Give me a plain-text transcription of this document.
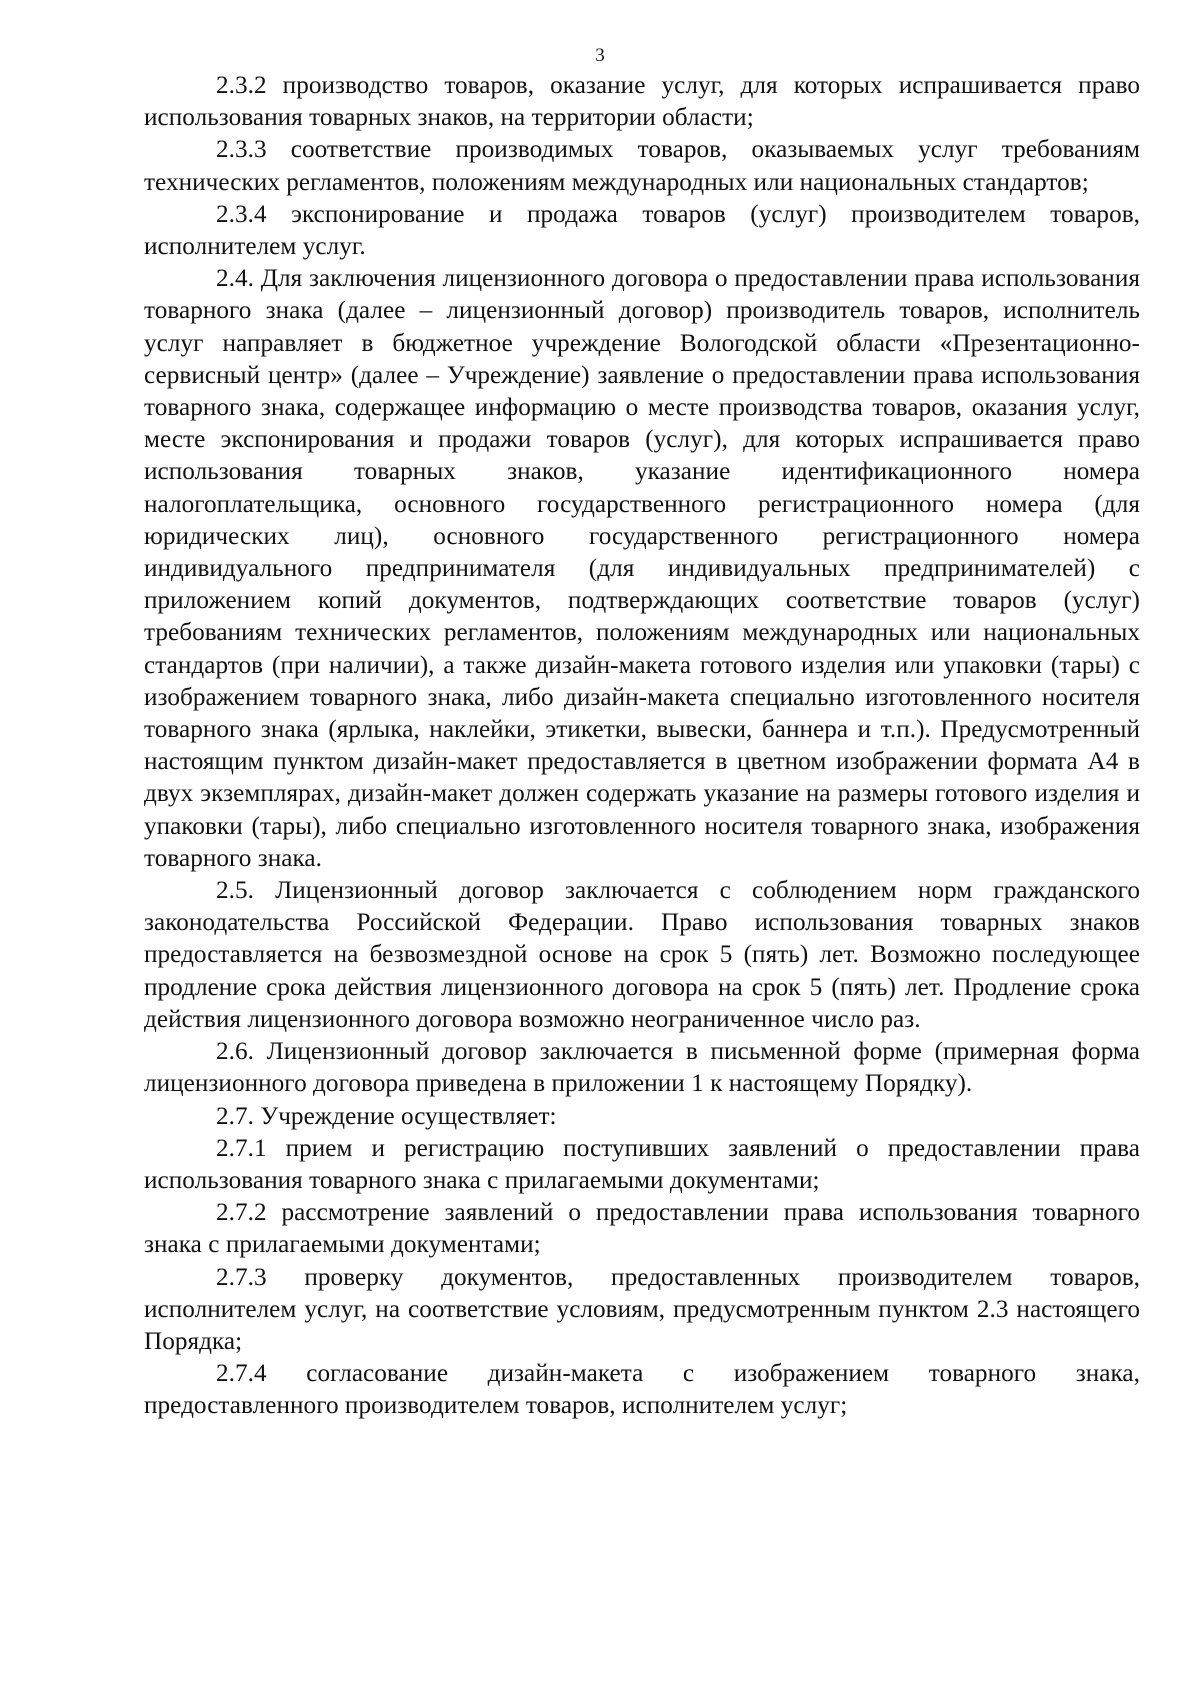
3

2.3.2 производство товаров, оказание услуг, для которых испрашивается право использования товарных знаков, на территории области;

2.3.3 соответствие производимых товаров, оказываемых услуг требованиям технических регламентов, положениям международных или национальных стандартов;

2.3.4 экспонирование и продажа товаров (услуг) производителем товаров, исполнителем услуг.

2.4. Для заключения лицензионного договора о предоставлении права использования товарного знака (далее – лицензионный договор) производитель товаров, исполнитель услуг направляет в бюджетное учреждение Вологодской области «Презентационно-сервисный центр» (далее – Учреждение) заявление о предоставлении права использования товарного знака, содержащее информацию о месте производства товаров, оказания услуг, месте экспонирования и продажи товаров (услуг), для которых испрашивается право использования товарных знаков, указание идентификационного номера налогоплательщика, основного государственного регистрационного номера (для юридических лиц), основного государственного регистрационного номера индивидуального предпринимателя (для индивидуальных предпринимателей) с приложением копий документов, подтверждающих соответствие товаров (услуг) требованиям технических регламентов, положениям международных или национальных стандартов (при наличии), а также дизайн-макета готового изделия или упаковки (тары) с изображением товарного знака, либо дизайн-макета специально изготовленного носителя товарного знака (ярлыка, наклейки, этикетки, вывески, баннера и т.п.). Предусмотренный настоящим пунктом дизайн-макет предоставляется в цветном изображении формата А4 в двух экземплярах, дизайн-макет должен содержать указание на размеры готового изделия и упаковки (тары), либо специально изготовленного носителя товарного знака, изображения товарного знака.

2.5. Лицензионный договор заключается с соблюдением норм гражданского законодательства Российской Федерации. Право использования товарных знаков предоставляется на безвозмездной основе на срок 5 (пять) лет. Возможно последующее продление срока действия лицензионного договора на срок 5 (пять) лет. Продление срока действия лицензионного договора возможно неограниченное число раз.

2.6. Лицензионный договор заключается в письменной форме (примерная форма лицензионного договора приведена в приложении 1 к настоящему Порядку).

2.7. Учреждение осуществляет:

2.7.1 прием и регистрацию поступивших заявлений о предоставлении права использования товарного знака с прилагаемыми документами;

2.7.2 рассмотрение заявлений о предоставлении права использования товарного знака с прилагаемыми документами;

2.7.3 проверку документов, предоставленных производителем товаров, исполнителем услуг, на соответствие условиям, предусмотренным пунктом 2.3 настоящего Порядка;

2.7.4 согласование дизайн-макета с изображением товарного знака, предоставленного производителем товаров, исполнителем услуг;
